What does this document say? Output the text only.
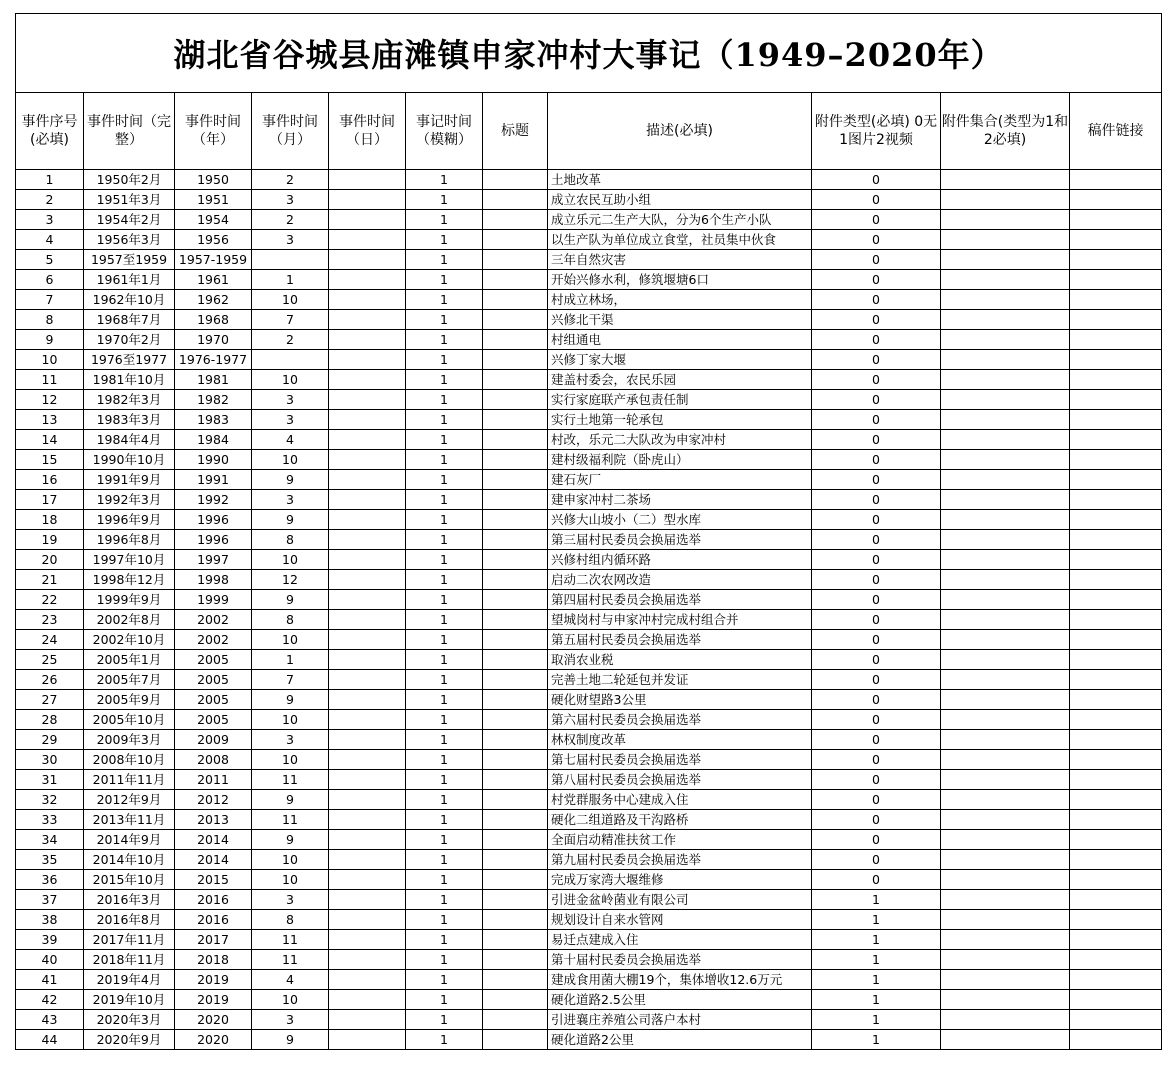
湖北省谷城县庙滩镇申家冲村大事记（1949–2020年）										
事件序号(必填)	事件时间（完整）	事件时间（年）	事件时间（月）	事件时间（日）	事记时间（模糊）	标题	描述(必填)	附件类型(必填) 0无1图片2视频	附件集合(类型为1和2必填)	稿件链接
1	1950年2月	1950	2		1		土地改革	0		
2	1951年3月	1951	3		1		成立农民互助小组	0		
3	1954年2月	1954	2		1		成立乐元二生产大队，分为6个生产小队	0		
4	1956年3月	1956	3		1		以生产队为单位成立食堂，社员集中伙食	0		
5	1957至1959	1957-1959			1		三年自然灾害	0		
6	1961年1月	1961	1		1		开始兴修水利，修筑堰塘6口	0		
7	1962年10月	1962	10		1		村成立林场，	0		
8	1968年7月	1968	7		1		兴修北干渠	0		
9	1970年2月	1970	2		1		村组通电	0		
10	1976至1977	1976-1977			1		兴修丁家大堰	0		
11	1981年10月	1981	10		1		建盖村委会，农民乐园	0		
12	1982年3月	1982	3		1		实行家庭联产承包责任制	0		
13	1983年3月	1983	3		1		实行土地第一轮承包	0		
14	1984年4月	1984	4		1		村改，乐元二大队改为申家冲村	0		
15	1990年10月	1990	10		1		建村级福利院（卧虎山）	0		
16	1991年9月	1991	9		1		建石灰厂	0		
17	1992年3月	1992	3		1		建申家冲村二茶场	0		
18	1996年9月	1996	9		1		兴修大山坡小（二）型水库	0		
19	1996年8月	1996	8		1		第三届村民委员会换届选举	0		
20	1997年10月	1997	10		1		兴修村组内循环路	0		
21	1998年12月	1998	12		1		启动二次农网改造	0		
22	1999年9月	1999	9		1		第四届村民委员会换届选举	0		
23	2002年8月	2002	8		1		望城岗村与申家冲村完成村组合并	0		
24	2002年10月	2002	10		1		第五届村民委员会换届选举	0		
25	2005年1月	2005	1		1		取消农业税	0		
26	2005年7月	2005	7		1		完善土地二轮延包并发证	0		
27	2005年9月	2005	9		1		硬化财望路3公里	0		
28	2005年10月	2005	10		1		第六届村民委员会换届选举	0		
29	2009年3月	2009	3		1		林权制度改革	0		
30	2008年10月	2008	10		1		第七届村民委员会换届选举	0		
31	2011年11月	2011	11		1		第八届村民委员会换届选举	0		
32	2012年9月	2012	9		1		村党群服务中心建成入住	0		
33	2013年11月	2013	11		1		硬化二组道路及干沟路桥	0		
34	2014年9月	2014	9		1		全面启动精准扶贫工作	0		
35	2014年10月	2014	10		1		第九届村民委员会换届选举	0		
36	2015年10月	2015	10		1		完成万家湾大堰维修	0		
37	2016年3月	2016	3		1		引进金盆岭菌业有限公司	1		
38	2016年8月	2016	8		1		规划设计自来水管网	1		
39	2017年11月	2017	11		1		易迁点建成入住	1		
40	2018年11月	2018	11		1		第十届村民委员会换届选举	1		
41	2019年4月	2019	4		1		建成食用菌大棚19个，集体增收12.6万元	1		
42	2019年10月	2019	10		1		硬化道路2.5公里	1		
43	2020年3月	2020	3		1		引进襄庄养殖公司落户本村	1		
44	2020年9月	2020	9		1		硬化道路2公里	1		
